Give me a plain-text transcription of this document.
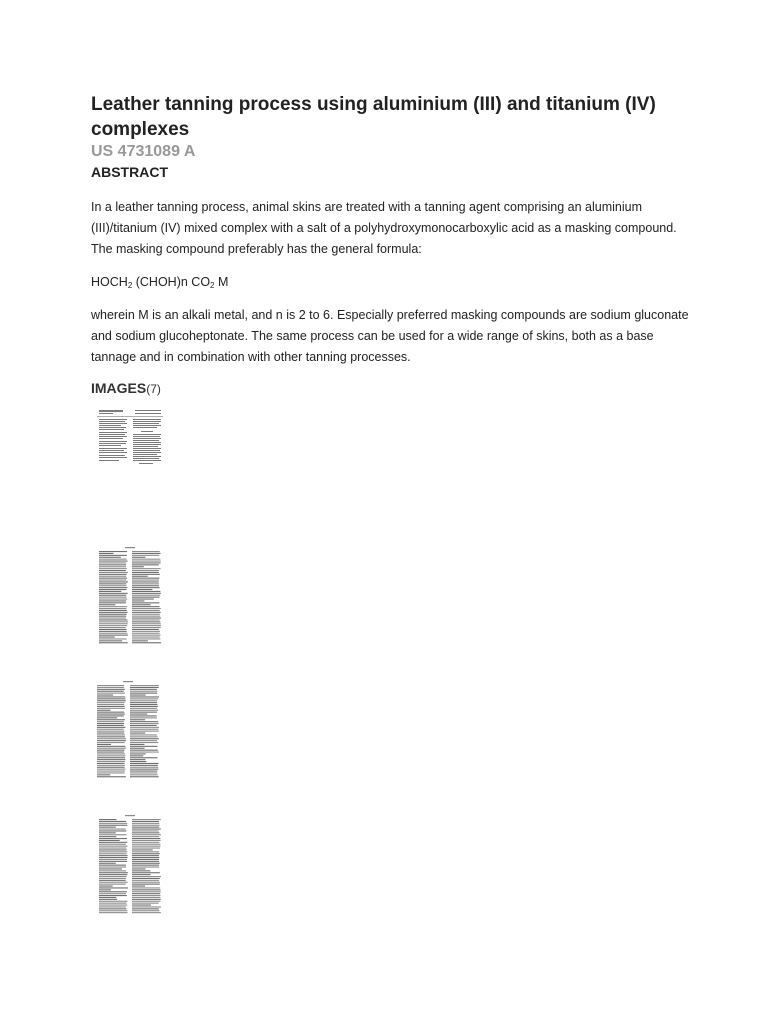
Leather tanning process using aluminium (III) and titanium (IV) complexes
US 4731089 A
ABSTRACT

In a leather tanning process, animal skins are treated with a tanning agent comprising an aluminium (III)/titanium (IV) mixed complex with a salt of a polyhydroxymonocarboxylic acid as a masking compound. The masking compound preferably has the general formula:

$HOCH_2$ (CHOH)n $CO_2$ M

wherein M is an alkali metal, and n is 2 to 6. Especially preferred masking compounds are sodium gluconate and sodium glucoheptonate. The same process can be used for a wide range of skins, both as a base tannage and in combination with other tanning processes.

IMAGES(7)
